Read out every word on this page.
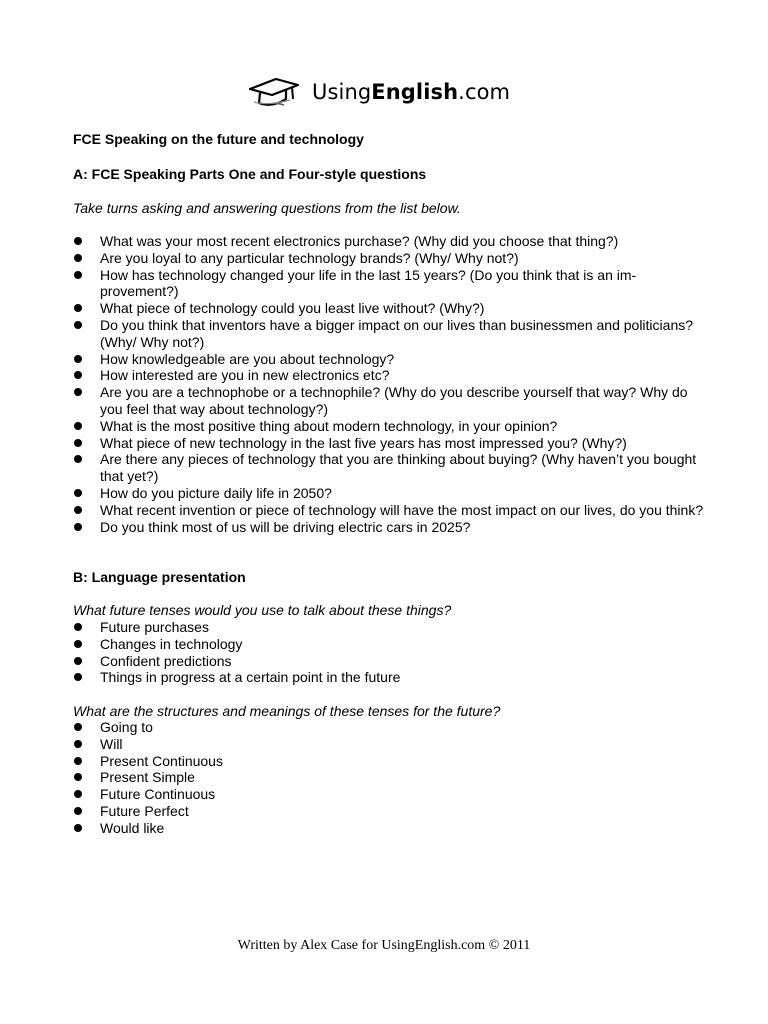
UsingEnglish.com
FCE Speaking on the future and technology
A: FCE Speaking Parts One and Four-style questions
Take turns asking and answering questions from the list below.
What was your most recent electronics purchase? (Why did you choose that thing?)
Are you loyal to any particular technology brands? (Why/ Why not?)
How has technology changed your life in the last 15 years? (Do you think that is an im-provement?)
What piece of technology could you least live without? (Why?)
Do you think that inventors have a bigger impact on our lives than businessmen and politicians? (Why/ Why not?)
How knowledgeable are you about technology?
How interested are you in new electronics etc?
Are you are a technophobe or a technophile? (Why do you describe yourself that way? Why do you feel that way about technology?)
What is the most positive thing about modern technology, in your opinion?
What piece of new technology in the last five years has most impressed you? (Why?)
Are there any pieces of technology that you are thinking about buying? (Why haven’t you bought that yet?)
How do you picture daily life in 2050?
What recent invention or piece of technology will have the most impact on our lives, do you think?
Do you think most of us will be driving electric cars in 2025?
B: Language presentation
What future tenses would you use to talk about these things?
Future purchases
Changes in technology
Confident predictions
Things in progress at a certain point in the future
What are the structures and meanings of these tenses for the future?
Going to
Will
Present Continuous
Present Simple
Future Continuous
Future Perfect
Would like
Written by Alex Case for UsingEnglish.com © 2011
